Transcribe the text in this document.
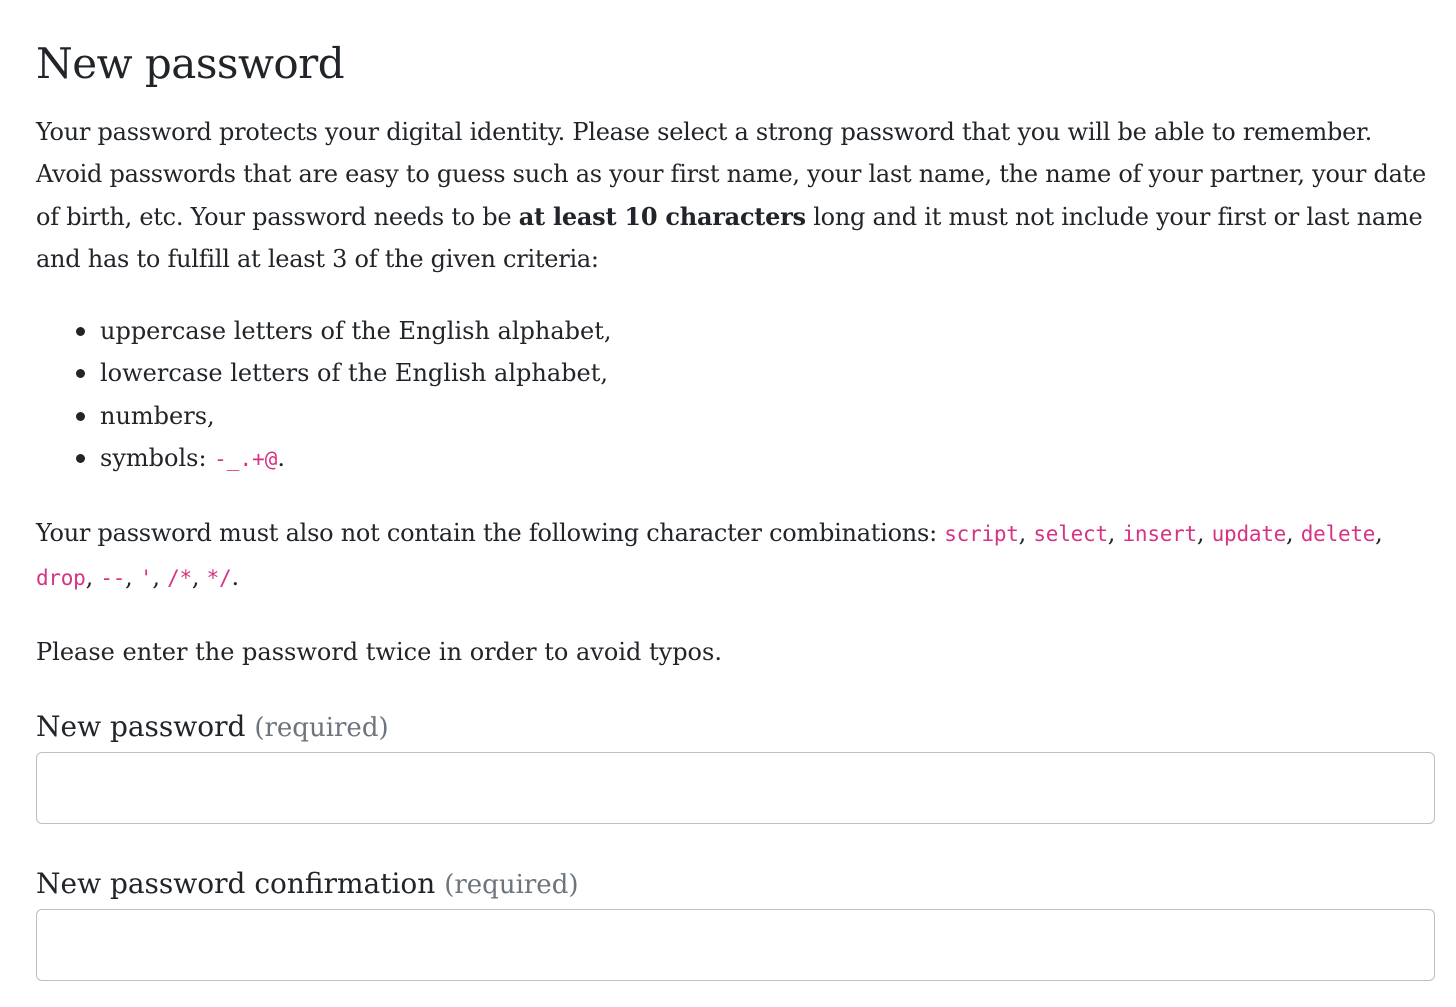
New password

Your password protects your digital identity. Please select a strong password that you will be able to remember. Avoid passwords that are easy to guess such as your first name, your last name, the name of your partner, your date of birth, etc. Your password needs to be at least 10 characters long and it must not include your first or last name and has to fulfill at least 3 of the given criteria:

uppercase letters of the English alphabet,
lowercase letters of the English alphabet,
numbers,
symbols: -_.+@.

Your password must also not contain the following character combinations: script, select, insert, update, delete, drop, --, ', /*, */.

Please enter the password twice in order to avoid typos.

New password (required)
New password confirmation (required)
